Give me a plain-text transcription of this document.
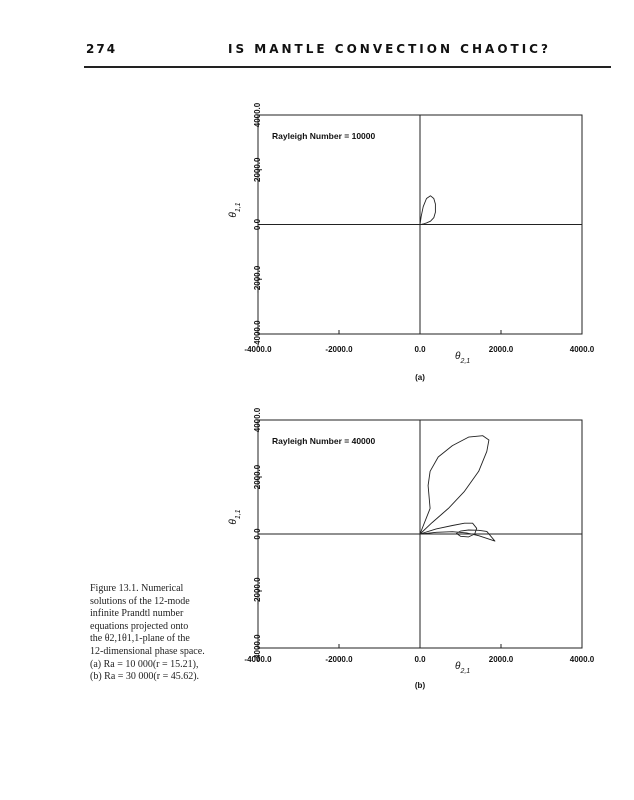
274	IS MANTLE CONVECTION CHAOTIC?
-4000.0	-2000.0	0.0	2000.0	4000.0
-4000.0
-2000.0
0.0
2000.0
4000.0
Rayleigh Number = 10000
$\theta_{2,1}$
$\theta_{1,1}$
(a)
-4000.0	-2000.0	0.0	2000.0	4000.0
-4000.0
-2000.0
0.0
2000.0
4000.0
Rayleigh Number = 40000
$\theta_{2,1}$
$\theta_{1,1}$
(b)
Figure 13.1. Numerical
solutions of the 12-mode
infinite Prandtl number
equations projected onto
the θ2,1θ1,1-plane of the
12-dimensional phase space.
(a) Ra = 10 000(r = 15.21),
(b) Ra = 30 000(r = 45.62).
